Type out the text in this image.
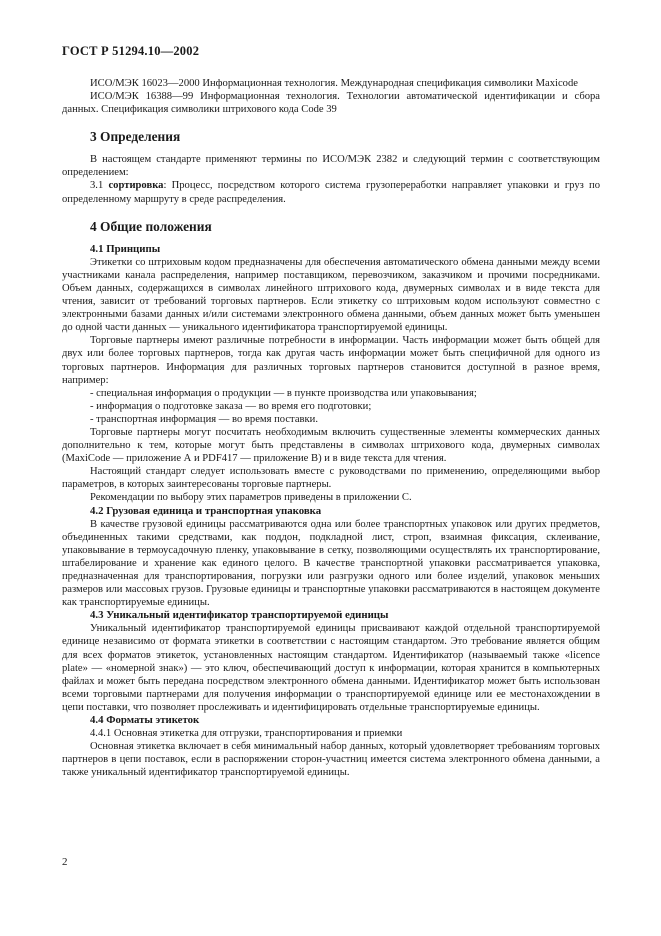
ГОСТ Р 51294.10—2002

ИСО/МЭК 16023—2000 Информационная технология. Международная спецификация символики Maxicode

ИСО/МЭК 16388—99 Информационная технология. Технологии автоматической идентификации и сбора данных. Спецификация символики штрихового кода Code 39

3 Определения

В настоящем стандарте применяют термины по ИСО/МЭК 2382 и следующий термин с соответствующим определением:

3.1 сортировка: Процесс, посредством которого система грузопереработки направляет упаковки и груз по определенному маршруту в среде распределения.

4 Общие положения
4.1 Принципы

Этикетки со штриховым кодом предназначены для обеспечения автоматического обмена данными между всеми участниками канала распределения, например поставщиком, перевозчиком, заказчиком и прочими посредниками. Объем данных, содержащихся в символах линейного штрихового кода, двумерных символах и в виде текста для чтения, зависит от требований торговых партнеров. Если этикетку со штриховым кодом используют совместно с электронными базами данных и/или системами электронного обмена данными, объем данных может быть уменьшен до одной части данных — уникального идентификатора транспортируемой единицы.

Торговые партнеры имеют различные потребности в информации. Часть информации может быть общей для двух или более торговых партнеров, тогда как другая часть информации может быть специфичной для одного из торговых партнеров. Информация для различных торговых партнеров становится доступной в разное время, например:

- специальная информация о продукции — в пункте производства или упаковывания;

- информация о подготовке заказа — во время его подготовки;

- транспортная информация — во время поставки.

Торговые партнеры могут посчитать необходимым включить существенные элементы коммерческих данных дополнительно к тем, которые могут быть представлены в символах штрихового кода, двумерных символах (MaxiCode — приложение А и PDF417 — приложение В) и в виде текста для чтения.

Настоящий стандарт следует использовать вместе с руководствами по применению, определяющими выбор параметров, в которых заинтересованы торговые партнеры.

Рекомендации по выбору этих параметров приведены в приложении С.

4.2 Грузовая единица и транспортная упаковка

В качестве грузовой единицы рассматриваются одна или более транспортных упаковок или других предметов, объединенных такими средствами, как поддон, подкладной лист, строп, взаимная фиксация, склеивание, упаковывание в термоусадочную пленку, упаковывание в сетку, позволяющими осуществлять их транспортирование, штабелирование и хранение как единого целого. В качестве транспортной упаковки рассматривается упаковка, предназначенная для транспортирования, погрузки или разгрузки одного или более изделий, упаковок меньших размеров или массовых грузов. Грузовые единицы и транспортные упаковки рассматриваются в настоящем документе как транспортируемые единицы.

4.3 Уникальный идентификатор транспортируемой единицы

Уникальный идентификатор транспортируемой единицы присваивают каждой отдельной транспортируемой единице независимо от формата этикетки в соответствии с настоящим стандартом. Это требование является общим для всех форматов этикеток, установленных настоящим стандартом. Идентификатор (называемый также «licence plate» — «номерной знак») — это ключ, обеспечивающий доступ к информации, которая хранится в компьютерных файлах и может быть передана посредством электронного обмена данными. Идентификатор может быть использован всеми торговыми партнерами для получения информации о транспортируемой единице или ее местонахождении в цепи поставки, что позволяет прослеживать и идентифицировать отдельные транспортируемые единицы.

4.4 Форматы этикеток

4.4.1 Основная этикетка для отгрузки, транспортирования и приемки

Основная этикетка включает в себя минимальный набор данных, который удовлетворяет требованиям торговых партнеров в цепи поставок, если в распоряжении сторон-участниц имеется система электронного обмена данными, а также уникальный идентификатор транспортируемой единицы.

2
